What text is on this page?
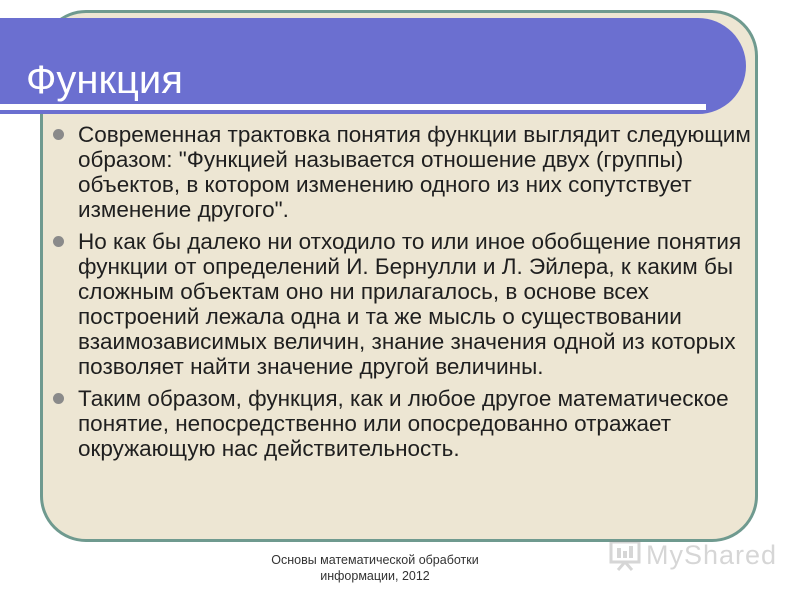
Функция
Современная трактовка понятия функции выглядит следующим образом: "Функцией называется отношение двух (группы) объектов, в котором изменению одного из них сопутствует изменение другого".
Но как бы далеко ни отходило то или иное обобщение понятия функции от определений И. Бернулли и Л. Эйлера, к каким бы сложным объектам оно ни прилагалось, в основе всех построений лежала одна и та же мысль о существовании взаимозависимых величин, знание значения одной из которых позволяет найти значение другой величины.
Таким образом, функция, как и любое другое математическое понятие, непосредственно или опосредованно отражает окружающую нас действительность.
Основы математической обработки
информации, 2012
MyShared
